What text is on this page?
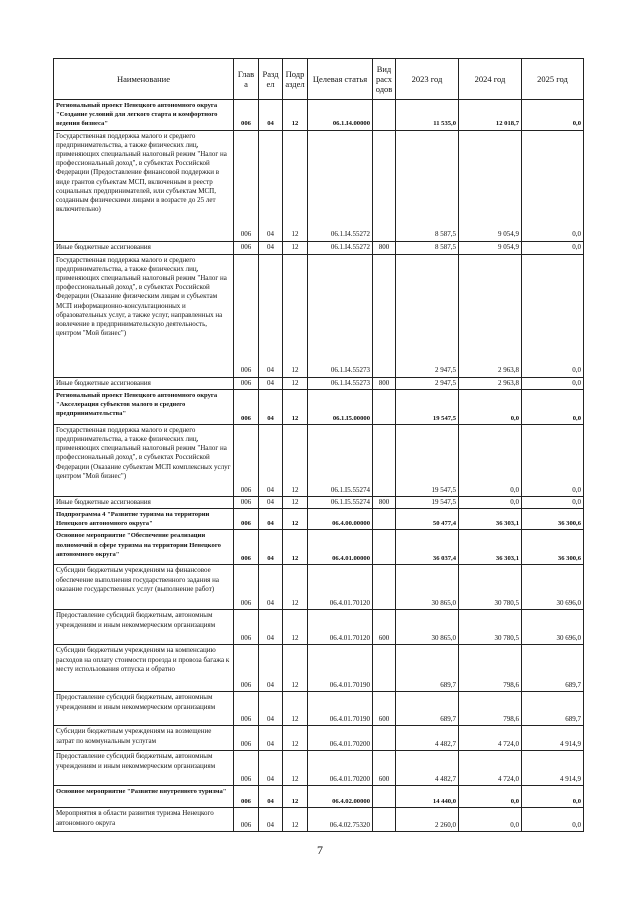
Наименование	Глав а	Разд ел	Подр аздел	Целевая статья	Вид расх одов	2023 год	2024 год	2025 год
Региональный проект Ненецкого автономного округа "Создание условий для легкого старта и комфортного ведения бизнеса"	006	04	12	06.1.I4.00000		11 535,0	12 018,7	0,0
Государственная поддержка малого и среднего предпринимательства, а также физических лиц, применяющих специальный налоговый режим "Налог на профессиональный доход", в субъектах Российской Федерации (Предоставление финансовой поддержки в виде грантов субъектам МСП, включенным в реестр социальных предпринимателей, или субъектам МСП, созданным физическими лицами в возрасте до 25 лет включительно)	006	04	12	06.1.I4.55272		8 587,5	9 054,9	0,0
Иные бюджетные ассигнования	006	04	12	06.1.I4.55272	800	8 587,5	9 054,9	0,0
Государственная поддержка малого и среднего предпринимательства, а также физических лиц, применяющих специальный налоговый режим "Налог на профессиональный доход", в субъектах Российской Федерации (Оказание физическим лицам и субъектам МСП информационно-консультационных и образовательных услуг, а также услуг, направленных на вовлечение в предпринимательскую деятельность, центром "Мой бизнес")	006	04	12	06.1.I4.55273		2 947,5	2 963,8	0,0
Иные бюджетные ассигнования	006	04	12	06.1.I4.55273	800	2 947,5	2 963,8	0,0
Региональный проект Ненецкого автономного округа "Акселерация субъектов малого и среднего предпринимательства"	006	04	12	06.1.I5.00000		19 547,5	0,0	0,0
Государственная поддержка малого и среднего предпринимательства, а также физических лиц, применяющих специальный налоговый режим "Налог на профессиональный доход", в субъектах Российской Федерации (Оказание субъектам МСП комплексных услуг центром "Мой бизнес")	006	04	12	06.1.I5.55274		19 547,5	0,0	0,0
Иные бюджетные ассигнования	006	04	12	06.1.I5.55274	800	19 547,5	0,0	0,0
Подпрограмма 4 "Развитие туризма на территории Ненецкого автономного округа"	006	04	12	06.4.00.00000		50 477,4	36 303,1	36 300,6
Основное мероприятие "Обеспечение реализации полномочий в сфере туризма на территории Ненецкого автономного округа"	006	04	12	06.4.01.00000		36 037,4	36 303,1	36 300,6
Субсидии бюджетным учреждениям на финансовое обеспечение выполнения государственного задания на оказание государственных услуг (выполнение работ)	006	04	12	06.4.01.70120		30 865,0	30 780,5	30 696,0
Предоставление субсидий бюджетным, автономным учреждениям и иным некоммерческим организациям	006	04	12	06.4.01.70120	600	30 865,0	30 780,5	30 696,0
Субсидии бюджетным учреждениям на компенсацию расходов на оплату стоимости проезда и провоза багажа к месту использования отпуска и обратно	006	04	12	06.4.01.70190		689,7	798,6	689,7
Предоставление субсидий бюджетным, автономным учреждениям и иным некоммерческим организациям	006	04	12	06.4.01.70190	600	689,7	798,6	689,7
Субсидии бюджетным учреждениям на возмещение затрат по коммунальным услугам	006	04	12	06.4.01.70200		4 482,7	4 724,0	4 914,9
Предоставление субсидий бюджетным, автономным учреждениям и иным некоммерческим организациям	006	04	12	06.4.01.70200	600	4 482,7	4 724,0	4 914,9
Основное мероприятие "Развитие внутреннего туризма"	006	04	12	06.4.02.00000		14 440,0	0,0	0,0
Мероприятия в области развития туризма Ненецкого автономного округа	006	04	12	06.4.02.75320		2 260,0	0,0	0,0
7
